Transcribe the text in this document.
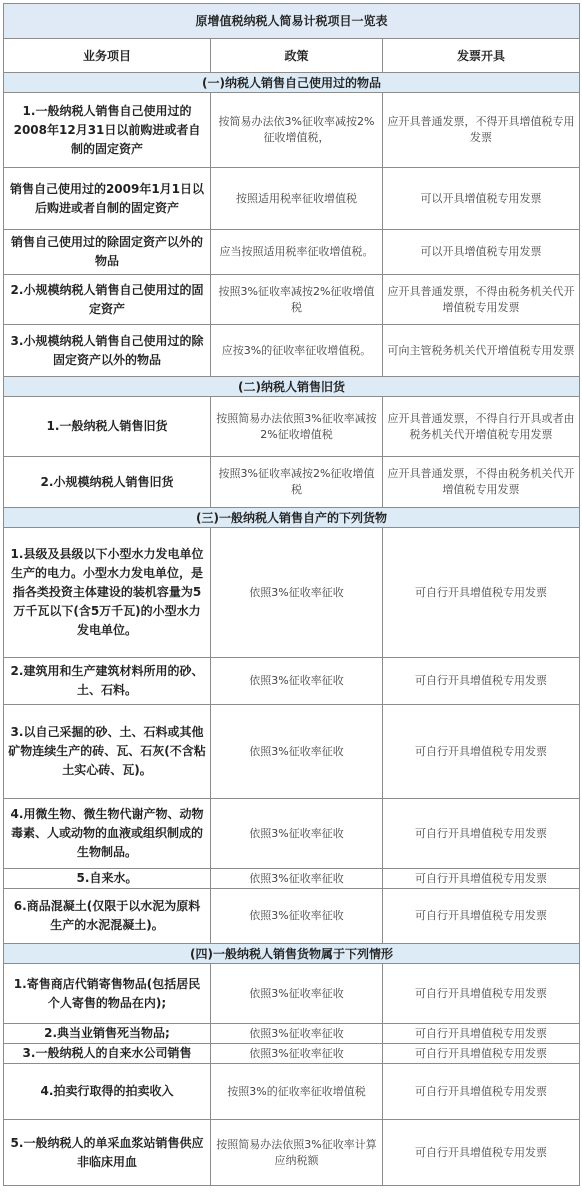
原增值税纳税人简易计税项目一览表		
业务项目	政策	发票开具
(一)纳税人销售自己使用过的物品		
1.一般纳税人销售自己使用过的2008年12月31日以前购进或者自制的固定资产	按简易办法依3%征收率减按2%征收增值税，	应开具普通发票，不得开具增值税专用发票
销售自己使用过的2009年1月1日以后购进或者自制的固定资产	按照适用税率征收增值税	可以开具增值税专用发票
销售自己使用过的除固定资产以外的物品	应当按照适用税率征收增值税。	可以开具增值税专用发票
2.小规模纳税人销售自己使用过的固定资产	按照3%征收率减按2%征收增值税	应开具普通发票，不得由税务机关代开增值税专用发票
3.小规模纳税人销售自己使用过的除固定资产以外的物品	应按3%的征收率征收增值税。	可向主管税务机关代开增值税专用发票
(二)纳税人销售旧货		
1.一般纳税人销售旧货	按照简易办法依照3%征收率减按2%征收增值税	应开具普通发票，不得自行开具或者由税务机关代开增值税专用发票
2.小规模纳税人销售旧货	按照3%征收率减按2%征收增值税	应开具普通发票，不得由税务机关代开增值税专用发票
(三)一般纳税人销售自产的下列货物		
1.县级及县级以下小型水力发电单位生产的电力。小型水力发电单位，是指各类投资主体建设的装机容量为5万千瓦以下(含5万千瓦)的小型水力发电单位。	依照3%征收率征收	可自行开具增值税专用发票
2.建筑用和生产建筑材料所用的砂、土、石料。	依照3%征收率征收	可自行开具增值税专用发票
3.以自己采掘的砂、土、石料或其他矿物连续生产的砖、瓦、石灰(不含粘土实心砖、瓦)。	依照3%征收率征收	可自行开具增值税专用发票
4.用微生物、微生物代谢产物、动物毒素、人或动物的血液或组织制成的生物制品。	依照3%征收率征收	可自行开具增值税专用发票
5.自来水。	依照3%征收率征收	可自行开具增值税专用发票
6.商品混凝土(仅限于以水泥为原料生产的水泥混凝土)。	依照3%征收率征收	可自行开具增值税专用发票
(四)一般纳税人销售货物属于下列情形		
1.寄售商店代销寄售物品(包括居民个人寄售的物品在内);	依照3%征收率征收	可自行开具增值税专用发票
2.典当业销售死当物品;	依照3%征收率征收	可自行开具增值税专用发票
3.一般纳税人的自来水公司销售	依照3%征收率征收	可自行开具增值税专用发票
4.拍卖行取得的拍卖收入	按照3%的征收率征收增值税	可自行开具增值税专用发票
5.一般纳税人的单采血浆站销售供应非临床用血	按照简易办法依照3%征收率计算应纳税额	可自行开具增值税专用发票
